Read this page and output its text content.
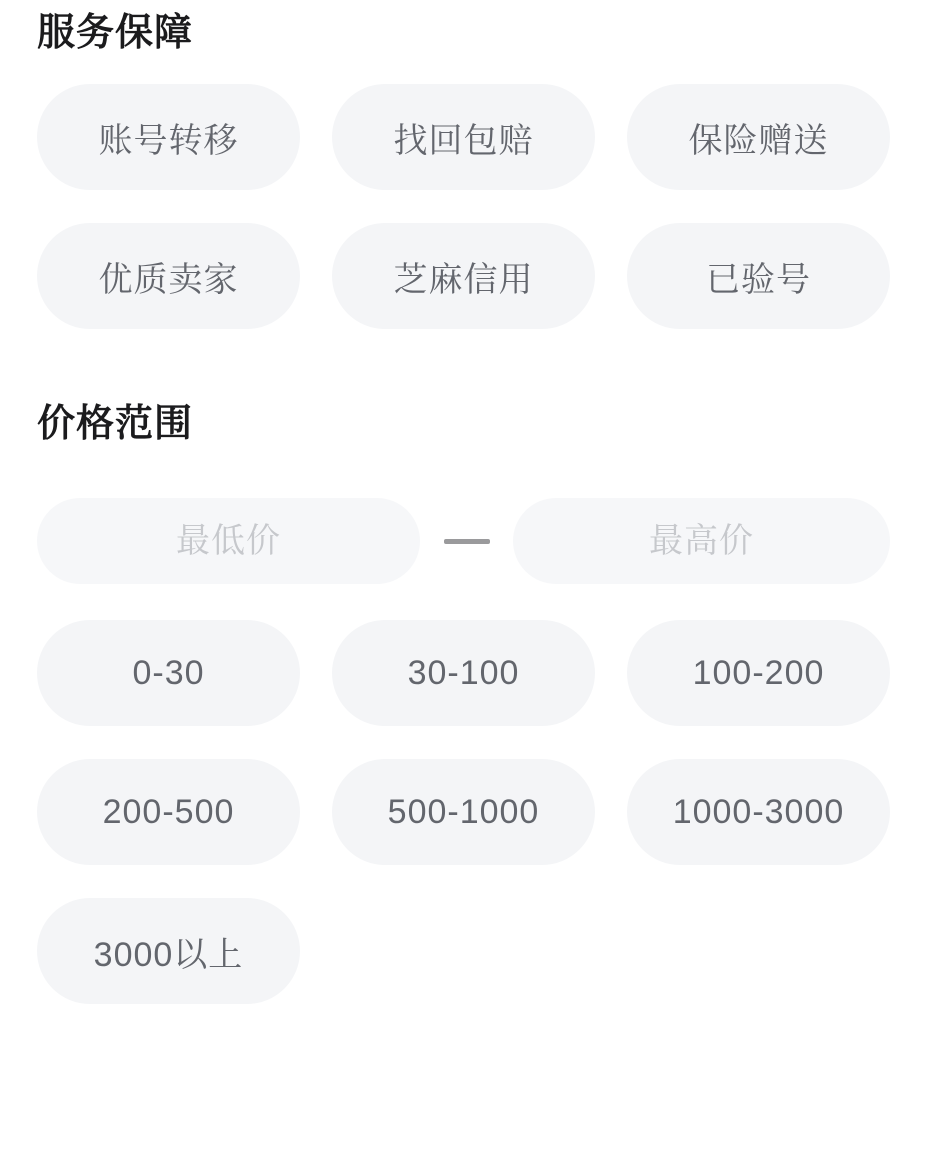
服务保障
账号转移	找回包赔	保险赠送
优质卖家	芝麻信用	已验号
价格范围
最低价
最高价
0-30	30-100	100-200
200-500	500-1000	1000-3000
3000以上
